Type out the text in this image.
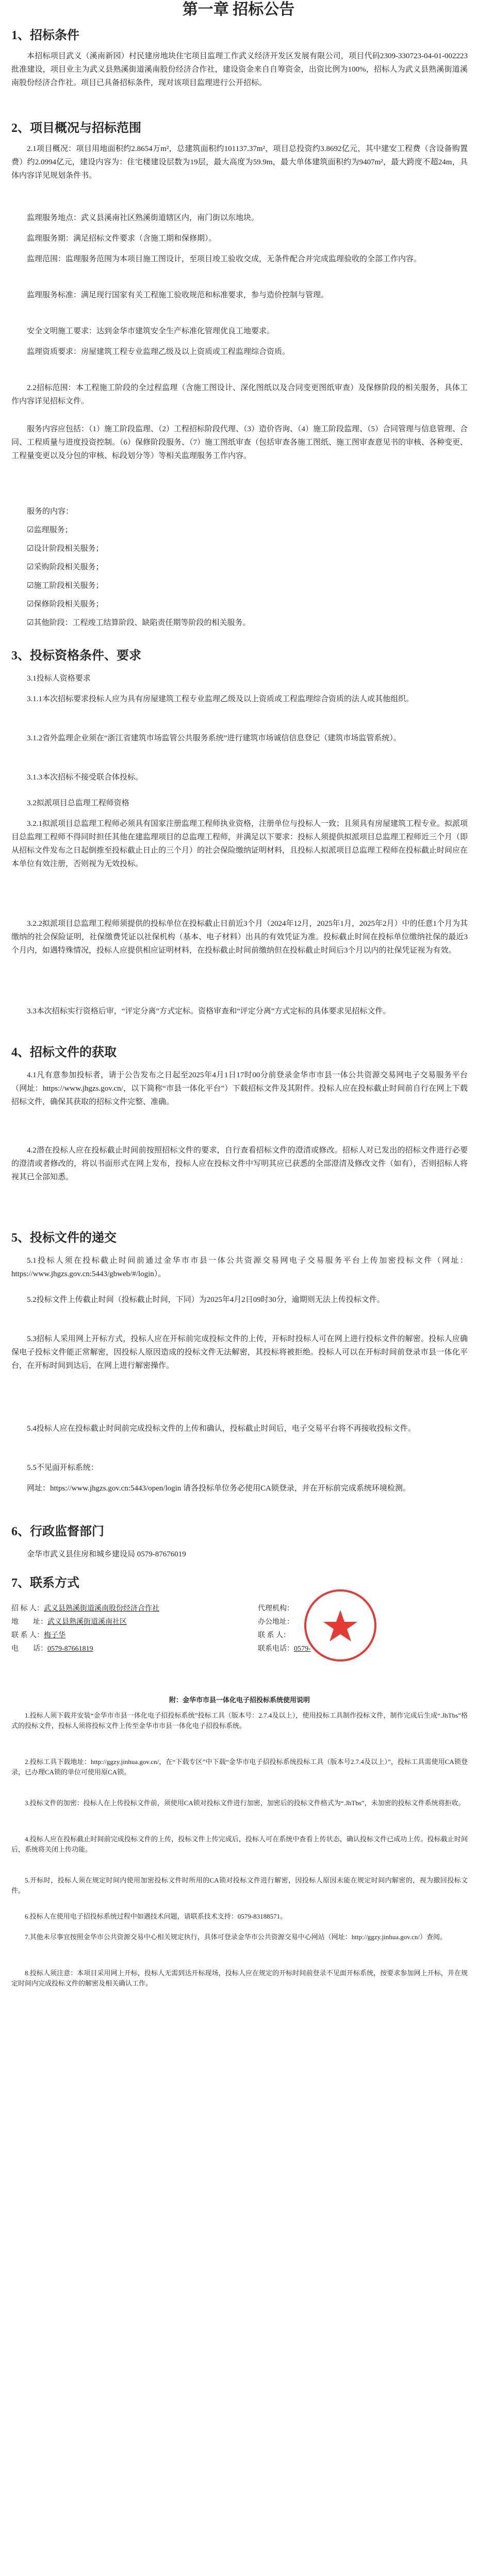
第一章 招标公告
1、招标条件
本招标项目武义（溪南新园）村民建房地块住宅项目监理工作武义经济开发区发展有限公司，项目代码2309-330723-04-01-002223 批准建设，项目业主为武义县熟溪街道溪南股份经济合作社，建设资金来自自筹资金，出资比例为100%，招标人为武义县熟溪街道溪南股份经济合作社。项目已具备招标条件，现对该项目监理进行公开招标。
2、项目概况与招标范围
2.1项目概况：项目用地面积约2.8654万m²，总建筑面积约101137.37m²，项目总投资约3.8692亿元，其中建安工程费（含设备购置费）约2.0994亿元，建设内容为：住宅楼建设层数为19层，最大高度为59.9m，最大单体建筑面积约为9407m²，最大跨度不超24m，具体内容详见规划条件书。
监理服务地点：武义县溪南社区熟溪街道辖区内，南门街以东地块。
监理服务期：满足招标文件要求（含施工期和保修期）。
监理范围：监理服务范围为本项目施工图设计，至项目竣工验收交成，无条件配合并完成监理验收的全部工作内容。
监理服务标准：满足现行国家有关工程施工验收规范和标准要求，参与造价控制与管理。
安全文明施工要求：达到金华市建筑安全生产标准化管理优良工地要求。
监理资质要求：房屋建筑工程专业监理乙级及以上资质或工程监理综合资质。
2.2招标范围：本工程施工阶段的全过程监理（含施工图设计、深化图纸以及合同变更图纸审查）及保修阶段的相关服务，具体工作内容详见招标文件。
服务内容应包括：（1）施工阶段监理、（2）工程招标阶段代理、（3）造价咨询、（4）施工阶段监理、（5）合同管理与信息管理、合同、工程质量与进度投资控制。（6）保修阶段服务、（7）施工图纸审查（包括审查各施工图纸、施工图审查意见书的审核、各种变更、工程量变更以及分包的审核、标段划分等）等相关监理服务工作内容。
服务的内容：
☑监理服务；
☑设计阶段相关服务；
☑采购阶段相关服务；
☑施工阶段相关服务；
☑保修阶段相关服务；
☑其他阶段：工程竣工结算阶段、缺陷责任期等阶段的相关服务。
3、投标资格条件、要求
3.1投标人资格要求
3.1.1本次招标要求投标人应为具有房屋建筑工程专业监理乙级及以上资质或工程监理综合资质的法人或其他组织。
3.1.2省外监理企业须在“浙江省建筑市场监管公共服务系统”进行建筑市场诚信信息登记（建筑市场监管系统）。
3.1.3本次招标不接受联合体投标。
3.2拟派项目总监理工程师资格
3.2.1拟派项目总监理工程师必须具有国家注册监理工程师执业资格，注册单位与投标人一致；且须具有房屋建筑工程专业。拟派项目总监理工程师不得同时担任其他在建监理项目的总监理工程师，并满足以下要求：投标人须提供拟派项目总监理工程师近三个月（即从招标文件发布之日起倒推至投标截止日止的三个月）的社会保险缴纳证明材料，且投标人拟派项目总监理工程师在投标截止时间应在本单位有效注册，否则视为无效投标。
3.2.2拟派项目总监理工程师须提供的投标单位在投标截止日前近3个月（2024年12月，2025年1月，2025年2月）中的任意1个月为其缴纳的社会保险证明，社保缴费凭证以社保机构（基本、电子材料）出具的有效凭证为准。投标截止时间在投标单位缴纳社保的最近3个月内，如遇特殊情况，投标人应提供相应证明材料，在投标截止时间前缴纳但在投标截止时间后3个月以内的社保凭证视为有效。
3.3本次招标实行资格后审，“评定分离”方式定标。资格审查和“评定分离”方式定标的具体要求见招标文件。
4、招标文件的获取
4.1凡有意参加投标者，请于公告发布之日起至2025年4月1日17时00分前登录金华市市县一体公共资源交易网电子交易服务平台（网址：https://www.jhgzs.gov.cn/，以下简称“市县一体化平台”）下载招标文件及其附件。投标人应在投标截止时间前自行在网上下载招标文件，确保其获取的招标文件完整、准确。
4.2潜在投标人应在投标截止时间前按照招标文件的要求，自行查看招标文件的澄清或修改。招标人对已发出的招标文件进行必要的澄清或者修改的，将以书面形式在网上发布，投标人应在投标文件中写明其应已获悉的全部澄清及修改文件（如有），否则招标人将视其已全部知悉。
5、投标文件的递交
5.1投标人须在投标截止时间前通过金华市市县一体公共资源交易网电子交易服务平台上传加密投标文件（网址：https://www.jhgzs.gov.cn:5443/gbweb/#/login）。
5.2投标文件上传截止时间（投标截止时间，下同）为2025年4月2日09时30分，逾期则无法上传投标文件。
5.3招标人采用网上开标方式，投标人应在开标前完成投标文件的上传，开标时投标人可在网上进行投标文件的解密。投标人应确保电子投标文件能正常解密，因投标人原因造成的投标文件无法解密，其投标将被拒绝。投标人可以在开标时间前登录市县一体化平台，在开标时间到达后，在网上进行解密操作。
5.4投标人应在投标截止时间前完成投标文件的上传和确认，投标截止时间后，电子交易平台将不再接收投标文件。
5.5不见面开标系统：
网址：https://www.jhgzs.gov.cn:5443/open/login 请各投标单位务必使用CA锁登录，并在开标前完成系统环境检测。
6、行政监督部门
金华市武义县住房和城乡建设局 0579-87676019
7、联系方式
招 标 人：武义县熟溪街道溪南股份经济合作社
地　　址：武义县熟溪街道溪南社区
联 系 人：梅子华
电　　话：0579-87661819
代理机构：
办公地址：
联 系 人：
联系电话：0579-
附：金华市市县一体化电子招投标系统使用说明
1.投标人须下载并安装“金华市市县一体化电子招投标系统”投标工具（版本号：2.7.4及以上），使用投标工具制作投标文件，制作完成后生成“.JhTbs”格式的投标文件，投标人须将投标文件上传至金华市市县一体化电子招投标系统。
2.投标工具下载地址：http://ggzy.jinhua.gov.cn/，在“下载专区”中下载“金华市电子招投标系统投标工具（版本号2.7.4及以上）”，投标工具需使用CA锁登录，已办理CA锁的单位可使用原CA锁。
3.投标文件的加密：投标人在上传投标文件前，须使用CA锁对投标文件进行加密，加密后的投标文件格式为“.JhTbs”，未加密的投标文件系统将拒收。
4.投标人应在投标截止时间前完成投标文件的上传，投标文件上传完成后，投标人可在系统中查看上传状态，确认投标文件已成功上传。投标截止时间后，系统将关闭上传功能。
5.开标时，投标人须在规定时间内使用加密投标文件时所用的CA锁对投标文件进行解密，因投标人原因未能在规定时间内解密的，视为撤回投标文件。
6.投标人在使用电子招投标系统过程中如遇技术问题，请联系技术支持：0579-83188571。
7.其他未尽事宜按照金华市公共资源交易中心相关规定执行，具体可登录金华市公共资源交易中心网站（网址：http://ggzy.jinhua.gov.cn/）查阅。
8.投标人须注意：本项目采用网上开标，投标人无需到达开标现场，投标人应在规定的开标时间前登录不见面开标系统，按要求参加网上开标，并在规定时间内完成投标文件的解密及相关确认工作。
